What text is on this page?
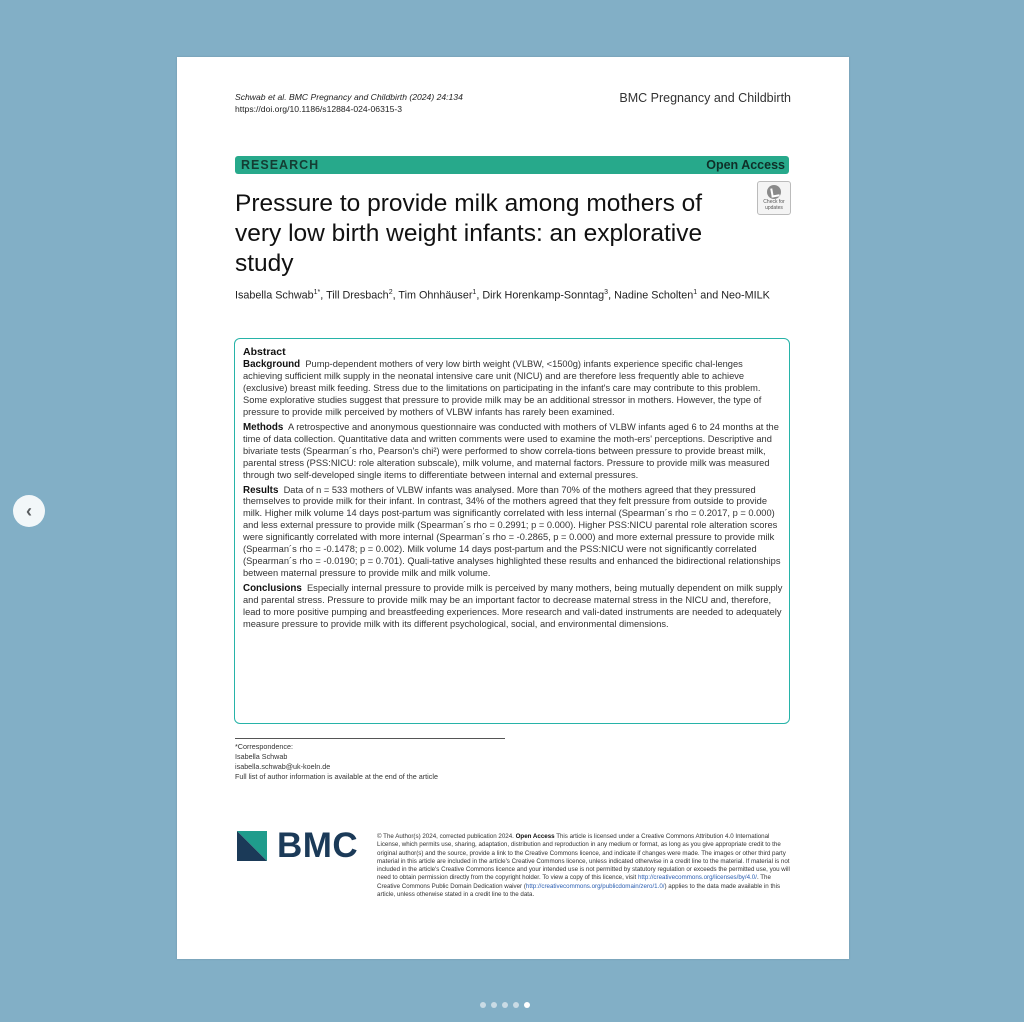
Schwab et al. BMC Pregnancy and Childbirth (2024) 24:134
https://doi.org/10.1186/s12884-024-06315-3
BMC Pregnancy and Childbirth
RESEARCH	Open Access
Pressure to provide milk among mothers of very low birth weight infants: an explorative study
Check for updates
Isabella Schwab$^{1*}$, Till Dresbach$^2$, Tim Ohnhäuser$^1$, Dirk Horenkamp-Sonntag$^3$, Nadine Scholten$^1$ and Neo-MILK
Abstract

Background Pump-dependent mothers of very low birth weight (VLBW, <1500g) infants experience specific chal-lenges achieving sufficient milk supply in the neonatal intensive care unit (NICU) and are therefore less frequently able to achieve (exclusive) breast milk feeding. Stress due to the limitations on participating in the infant's care may contribute to this problem. Some explorative studies suggest that pressure to provide milk may be an additional stressor in mothers. However, the type of pressure to provide milk perceived by mothers of VLBW infants has rarely been examined.

Methods A retrospective and anonymous questionnaire was conducted with mothers of VLBW infants aged 6 to 24 months at the time of data collection. Quantitative data and written comments were used to examine the moth-ers' perceptions. Descriptive and bivariate tests (Spearman´s rho, Pearson's chi²) were performed to show correla-tions between pressure to provide breast milk, parental stress (PSS:NICU: role alteration subscale), milk volume, and maternal factors. Pressure to provide milk was measured through two self-developed single items to differentiate between internal and external pressures.

Results Data of n = 533 mothers of VLBW infants was analysed. More than 70% of the mothers agreed that they pressured themselves to provide milk for their infant. In contrast, 34% of the mothers agreed that they felt pressure from outside to provide milk. Higher milk volume 14 days post-partum was significantly correlated with less internal (Spearman´s rho = 0.2017, p = 0.000) and less external pressure to provide milk (Spearman´s rho = 0.2991; p = 0.000). Higher PSS:NICU parental role alteration scores were significantly correlated with more internal (Spearman´s rho = -0.2865, p = 0.000) and more external pressure to provide milk (Spearman´s rho = -0.1478; p = 0.002). Milk volume 14 days post-partum and the PSS:NICU were not significantly correlated (Spearman´s rho = -0.0190; p = 0.701). Quali-tative analyses highlighted these results and enhanced the bidirectional relationships between maternal pressure to provide milk and milk volume.

Conclusions Especially internal pressure to provide milk is perceived by many mothers, being mutually dependent on milk supply and parental stress. Pressure to provide milk may be an important factor to decrease maternal stress in the NICU and, therefore, lead to more positive pumping and breastfeeding experiences. More research and vali-dated instruments are needed to adequately measure pressure to provide milk with its different psychological, social, and environmental dimensions.

*Correspondence:
Isabella Schwab
isabella.schwab@uk-koeln.de
Full list of author information is available at the end of the article
BMC	© The Author(s) 2024, corrected publication 2024. Open Access This article is licensed under a Creative Commons Attribution 4.0 International License, which permits use, sharing, adaptation, distribution and reproduction in any medium or format, as long as you give appropriate credit to the original author(s) and the source, provide a link to the Creative Commons licence, and indicate if changes were made. The images or other third party material in this article are included in the article's Creative Commons licence, unless indicated otherwise in a credit line to the material. If material is not included in the article's Creative Commons licence and your intended use is not permitted by statutory regulation or exceeds the permitted use, you will need to obtain permission directly from the copyright holder. To view a copy of this licence, visit http://creativecommons.org/licenses/by/4.0/. The Creative Commons Public Domain Dedication waiver (http://creativecommons.org/publicdomain/zero/1.0/) applies to the data made available in this article, unless otherwise stated in a credit line to the data.
‹
